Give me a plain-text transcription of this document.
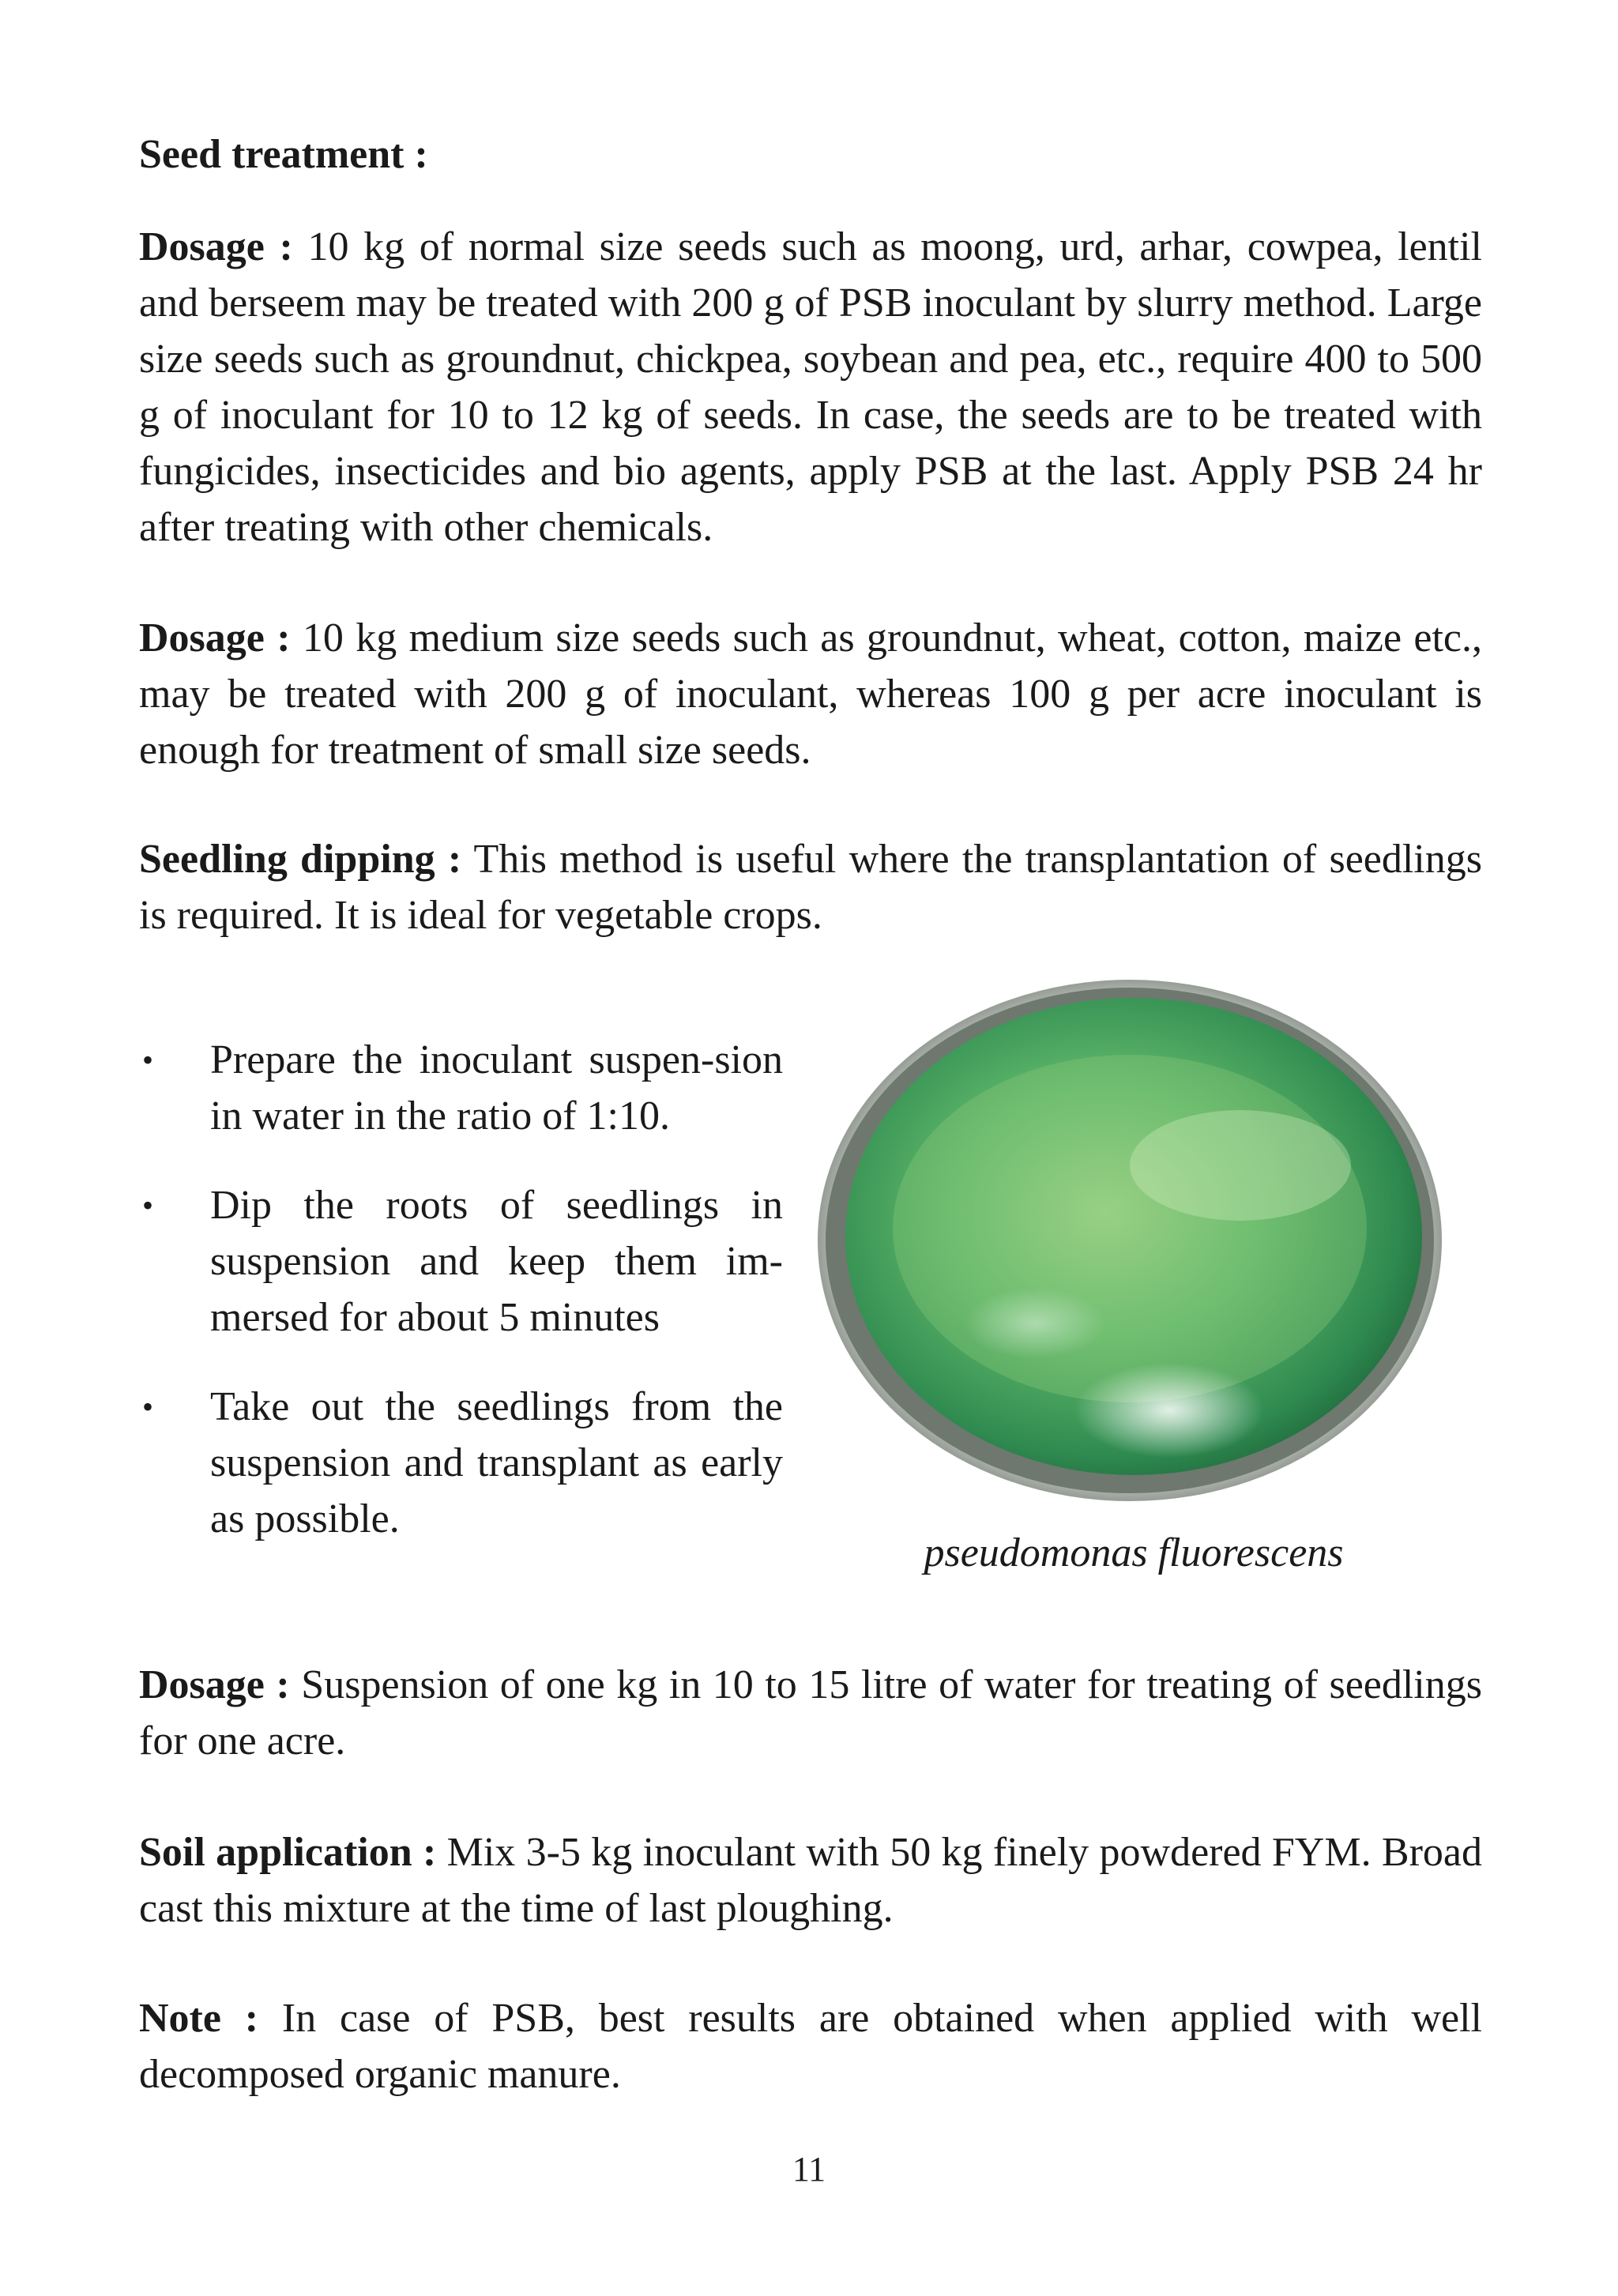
Seed treatment :

Dosage : 10 kg of normal size seeds such as moong, urd, arhar, cowpea, lentil and berseem may be treated with 200 g of PSB inoculant by slurry method. Large size seeds such as groundnut, chickpea, soybean and pea, etc., require 400 to 500 g of inoculant for 10 to 12 kg of seeds. In case, the seeds are to be treated with fungicides, insecticides and bio agents, apply PSB at the last. Apply PSB 24 hr after treating with other chemicals.

Dosage : 10 kg medium size seeds such as groundnut, wheat, cotton, maize etc., may be treated with 200 g of inoculant, whereas 100 g per acre inoculant is enough for treatment of small size seeds.

Seedling dipping : This method is useful where the transplantation of seedlings is required. It is ideal for vegetable crops.

• Prepare the inoculant suspen-sion in water in the ratio of 1:10.
• Dip the roots of seedlings in suspension and keep them im-mersed for about 5 minutes
• Take out the seedlings from the suspension and transplant as early as possible.
pseudomonas fluorescens

Dosage : Suspension of one kg in 10 to 15 litre of water for treating of seedlings for one acre.

Soil application : Mix 3-5 kg inoculant with 50 kg finely powdered FYM. Broad cast this mixture at the time of last ploughing.

Note : In case of PSB, best results are obtained when applied with well decomposed organic manure.

11
